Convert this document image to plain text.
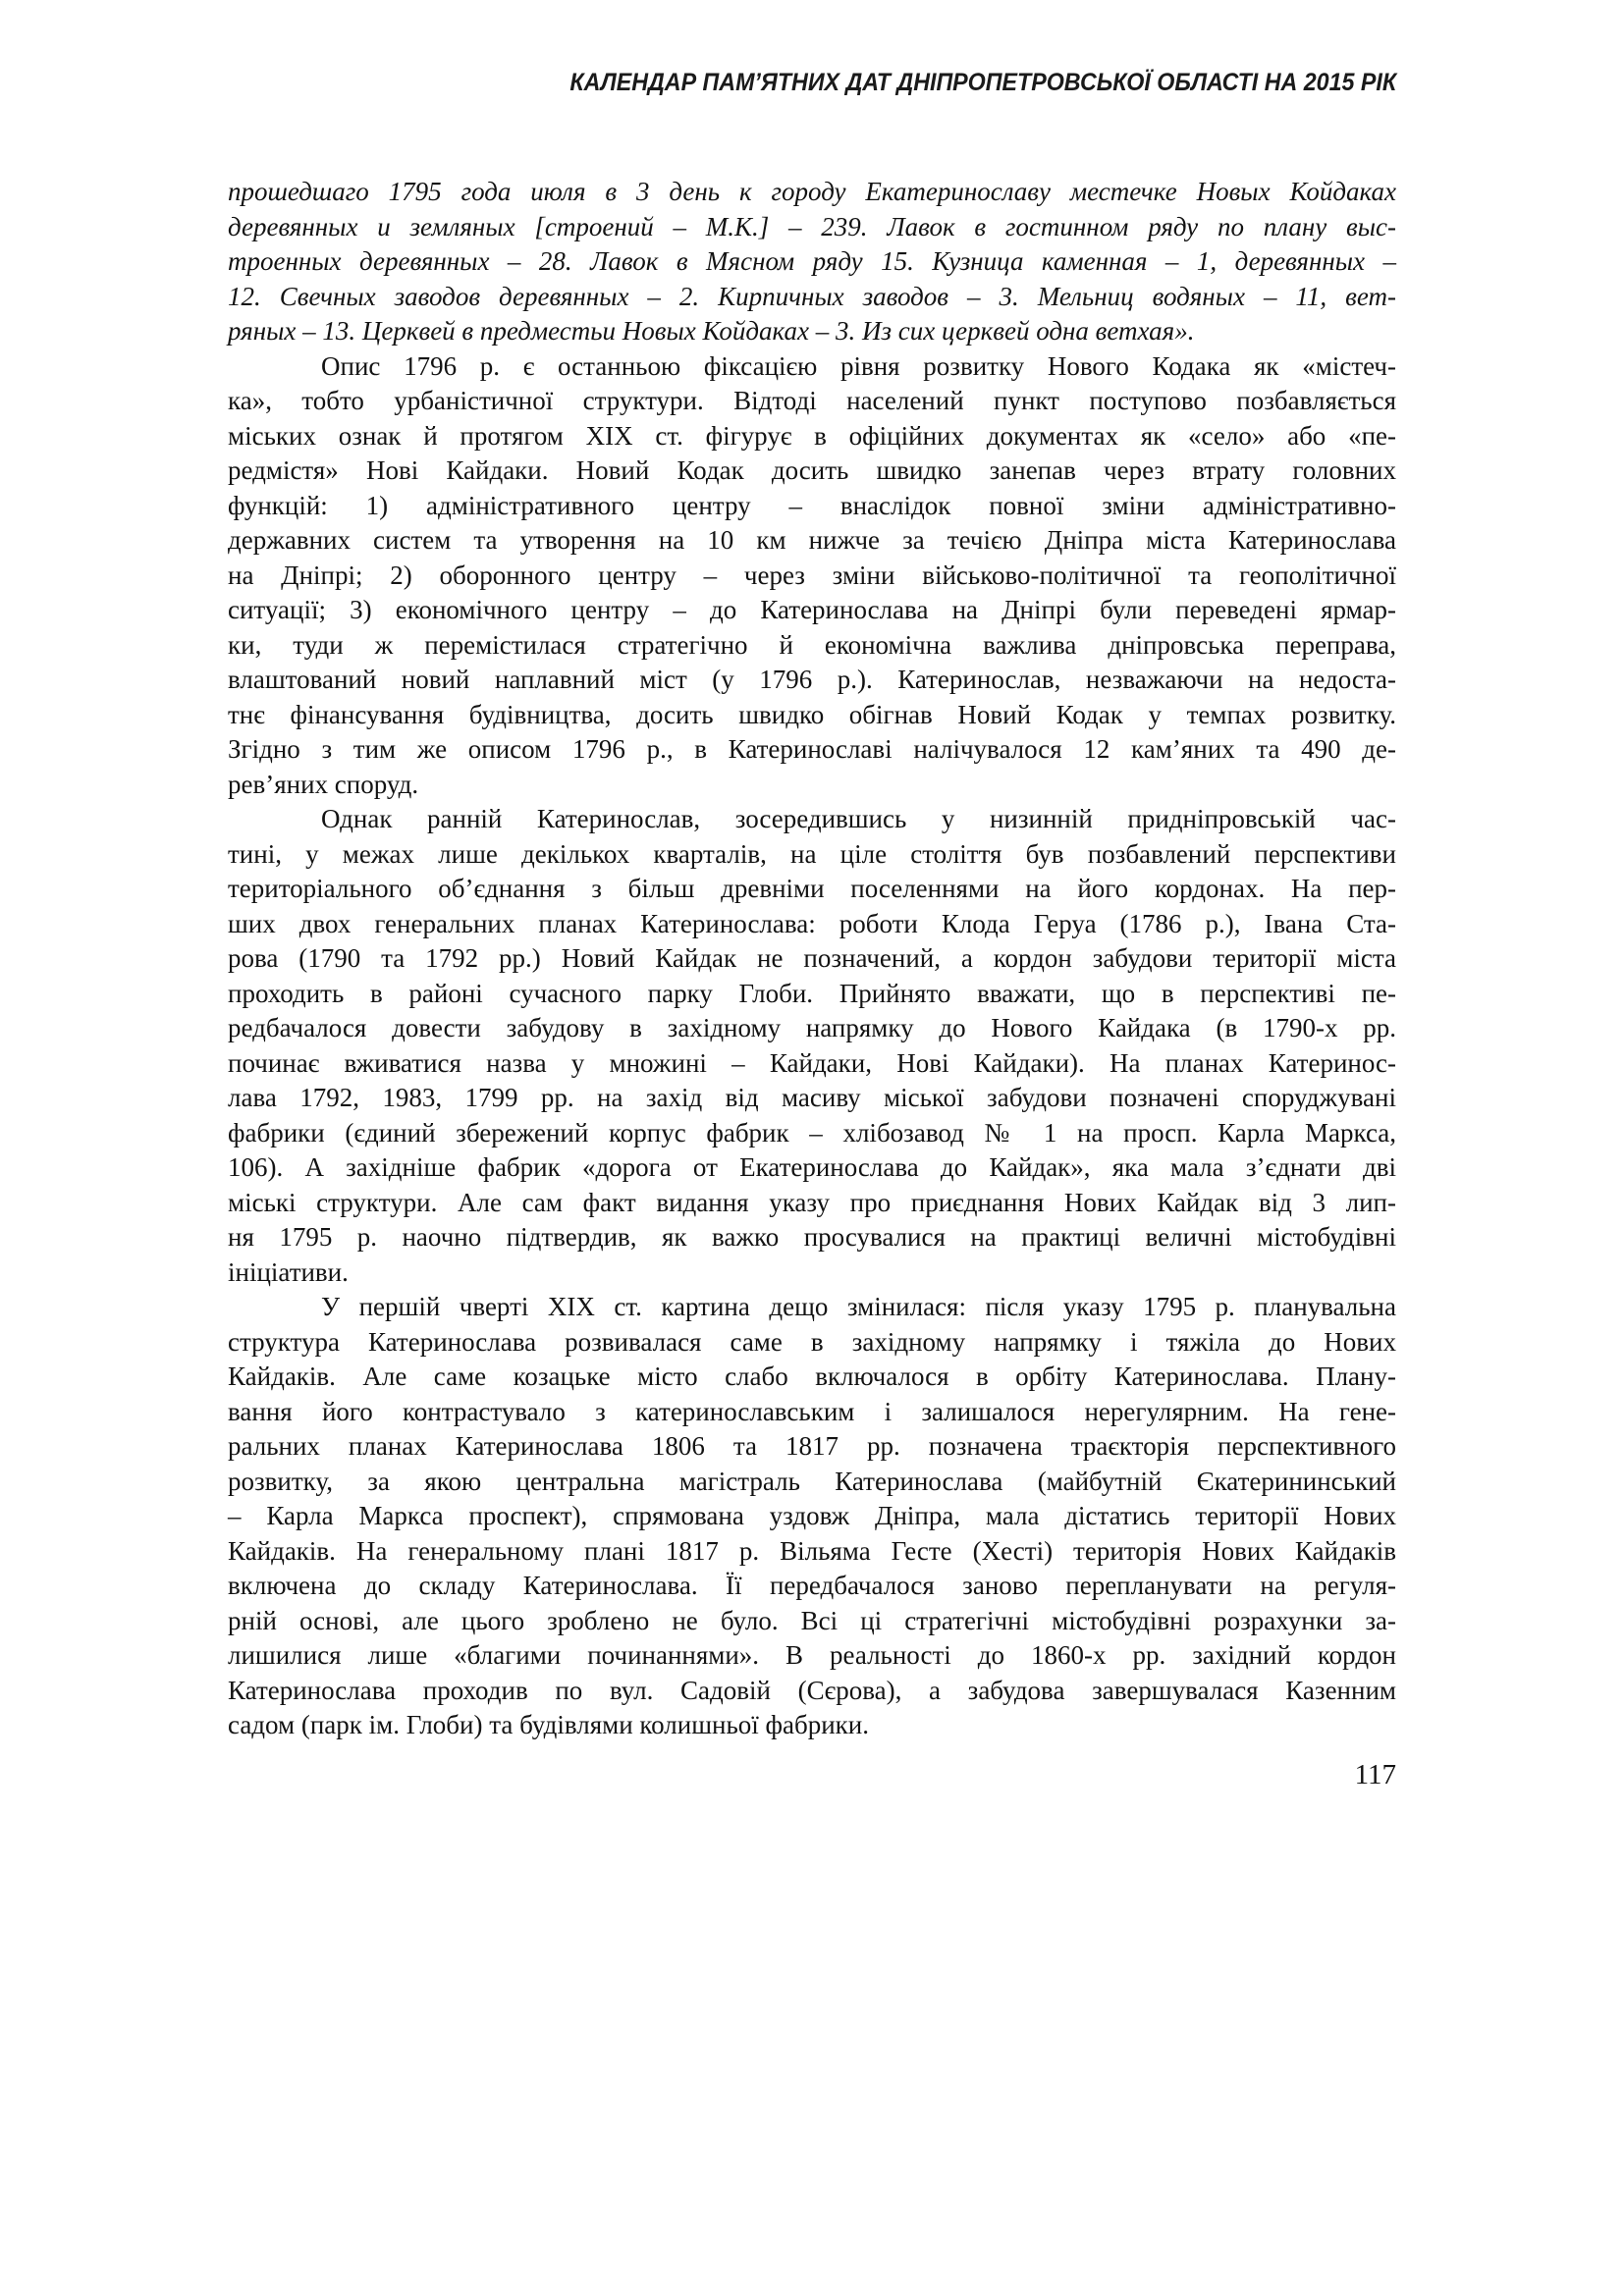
КАЛЕНДАР ПАМ’ЯТНИХ ДАТ ДНІПРОПЕТРОВСЬКОЇ ОБЛАСТІ НА 2015 РІК
прошедшаго 1795 года июля в 3 день к городу Екатеринославу местечке Новых Койдаках
деревянных и земляных [строений – М.К.] – 239. Лавок в гостинном ряду по плану выс-
троенных деревянных – 28. Лавок в Мясном ряду 15. Кузница каменная – 1, деревянных –
12. Свечных заводов деревянных – 2. Кирпичных заводов – 3. Мельниц водяных – 11, вет-
ряных – 13. Церквей в предместьи Новых Койдаках – 3. Из сих церквей одна ветхая».
Опис 1796 р. є останньою фіксацією рівня розвитку Нового Кодака як «містеч-
ка», тобто урбаністичної структури. Відтоді населений пункт поступово позбавляється
міських ознак й протягом XIX ст. фігурує в офіційних документах як «село» або «пе-
редмістя» Нові Кайдаки. Новий Кодак досить швидко занепав через втрату головних
функцій: 1) адміністративного центру – внаслідок повної зміни адміністративно-
державних систем та утворення на 10 км нижче за течією Дніпра міста Катеринослава
на Дніпрі; 2) оборонного центру – через зміни військово-політичної та геополітичної
ситуації; 3) економічного центру – до Катеринослава на Дніпрі були переведені ярмар-
ки, туди ж перемістилася стратегічно й економічна важлива дніпровська переправа,
влаштований новий наплавний міст (у 1796 р.). Катеринослав, незважаючи на недоста-
тнє фінансування будівництва, досить швидко обігнав Новий Кодак у темпах розвитку.
Згідно з тим же описом 1796 р., в Катеринославі налічувалося 12 кам’яних та 490 де-
рев’яних споруд.
Однак ранній Катеринослав, зосередившись у низинній придніпровській час-
тині, у межах лише декількох кварталів, на ціле століття був позбавлений перспективи
територіального об’єднання з більш древніми поселеннями на його кордонах. На пер-
ших двох генеральних планах Катеринослава: роботи Клода Геруа (1786 р.), Івана Ста-
рова (1790 та 1792 рр.) Новий Кайдак не позначений, а кордон забудови території міста
проходить в районі сучасного парку Глоби. Прийнято вважати, що в перспективі пе-
редбачалося довести забудову в західному напрямку до Нового Кайдака (в 1790-х рр.
починає вживатися назва у множині – Кайдаки, Нові Кайдаки). На планах Катеринос-
лава 1792, 1983, 1799 рр. на захід від масиву міської забудови позначені споруджувані
фабрики (єдиний збережений корпус фабрик – хлібозавод № 1 на просп. Карла Маркса,
106). А західніше фабрик «дорога от Екатеринослава до Кайдак», яка мала з’єднати дві
міські структури. Але сам факт видання указу про приєднання Нових Кайдак від 3 лип-
ня 1795 р. наочно підтвердив, як важко просувалися на практиці величні містобудівні
ініціативи.
У першій чверті XIX ст. картина дещо змінилася: після указу 1795 р. планувальна
структура Катеринослава розвивалася саме в західному напрямку і тяжіла до Нових
Кайдаків. Але саме козацьке місто слабо включалося в орбіту Катеринослава. Плану-
вання його контрастувало з катеринославським і залишалося нерегулярним. На гене-
ральних планах Катеринослава 1806 та 1817 рр. позначена траєкторія перспективного
розвитку, за якою центральна магістраль Катеринослава (майбутній Єкатерининський
– Карла Маркса проспект), спрямована уздовж Дніпра, мала дістатись території Нових
Кайдаків. На генеральному плані 1817 р. Вільяма Гесте (Хесті) територія Нових Кайдаків
включена до складу Катеринослава. Її передбачалося заново перепланувати на регуля-
рній основі, але цього зроблено не було. Всі ці стратегічні містобудівні розрахунки за-
лишилися лише «благими починаннями». В реальності до 1860-х рр. західний кордон
Катеринослава проходив по вул. Садовій (Сєрова), а забудова завершувалася Казенним
садом (парк ім. Глоби) та будівлями колишньої фабрики.
117
